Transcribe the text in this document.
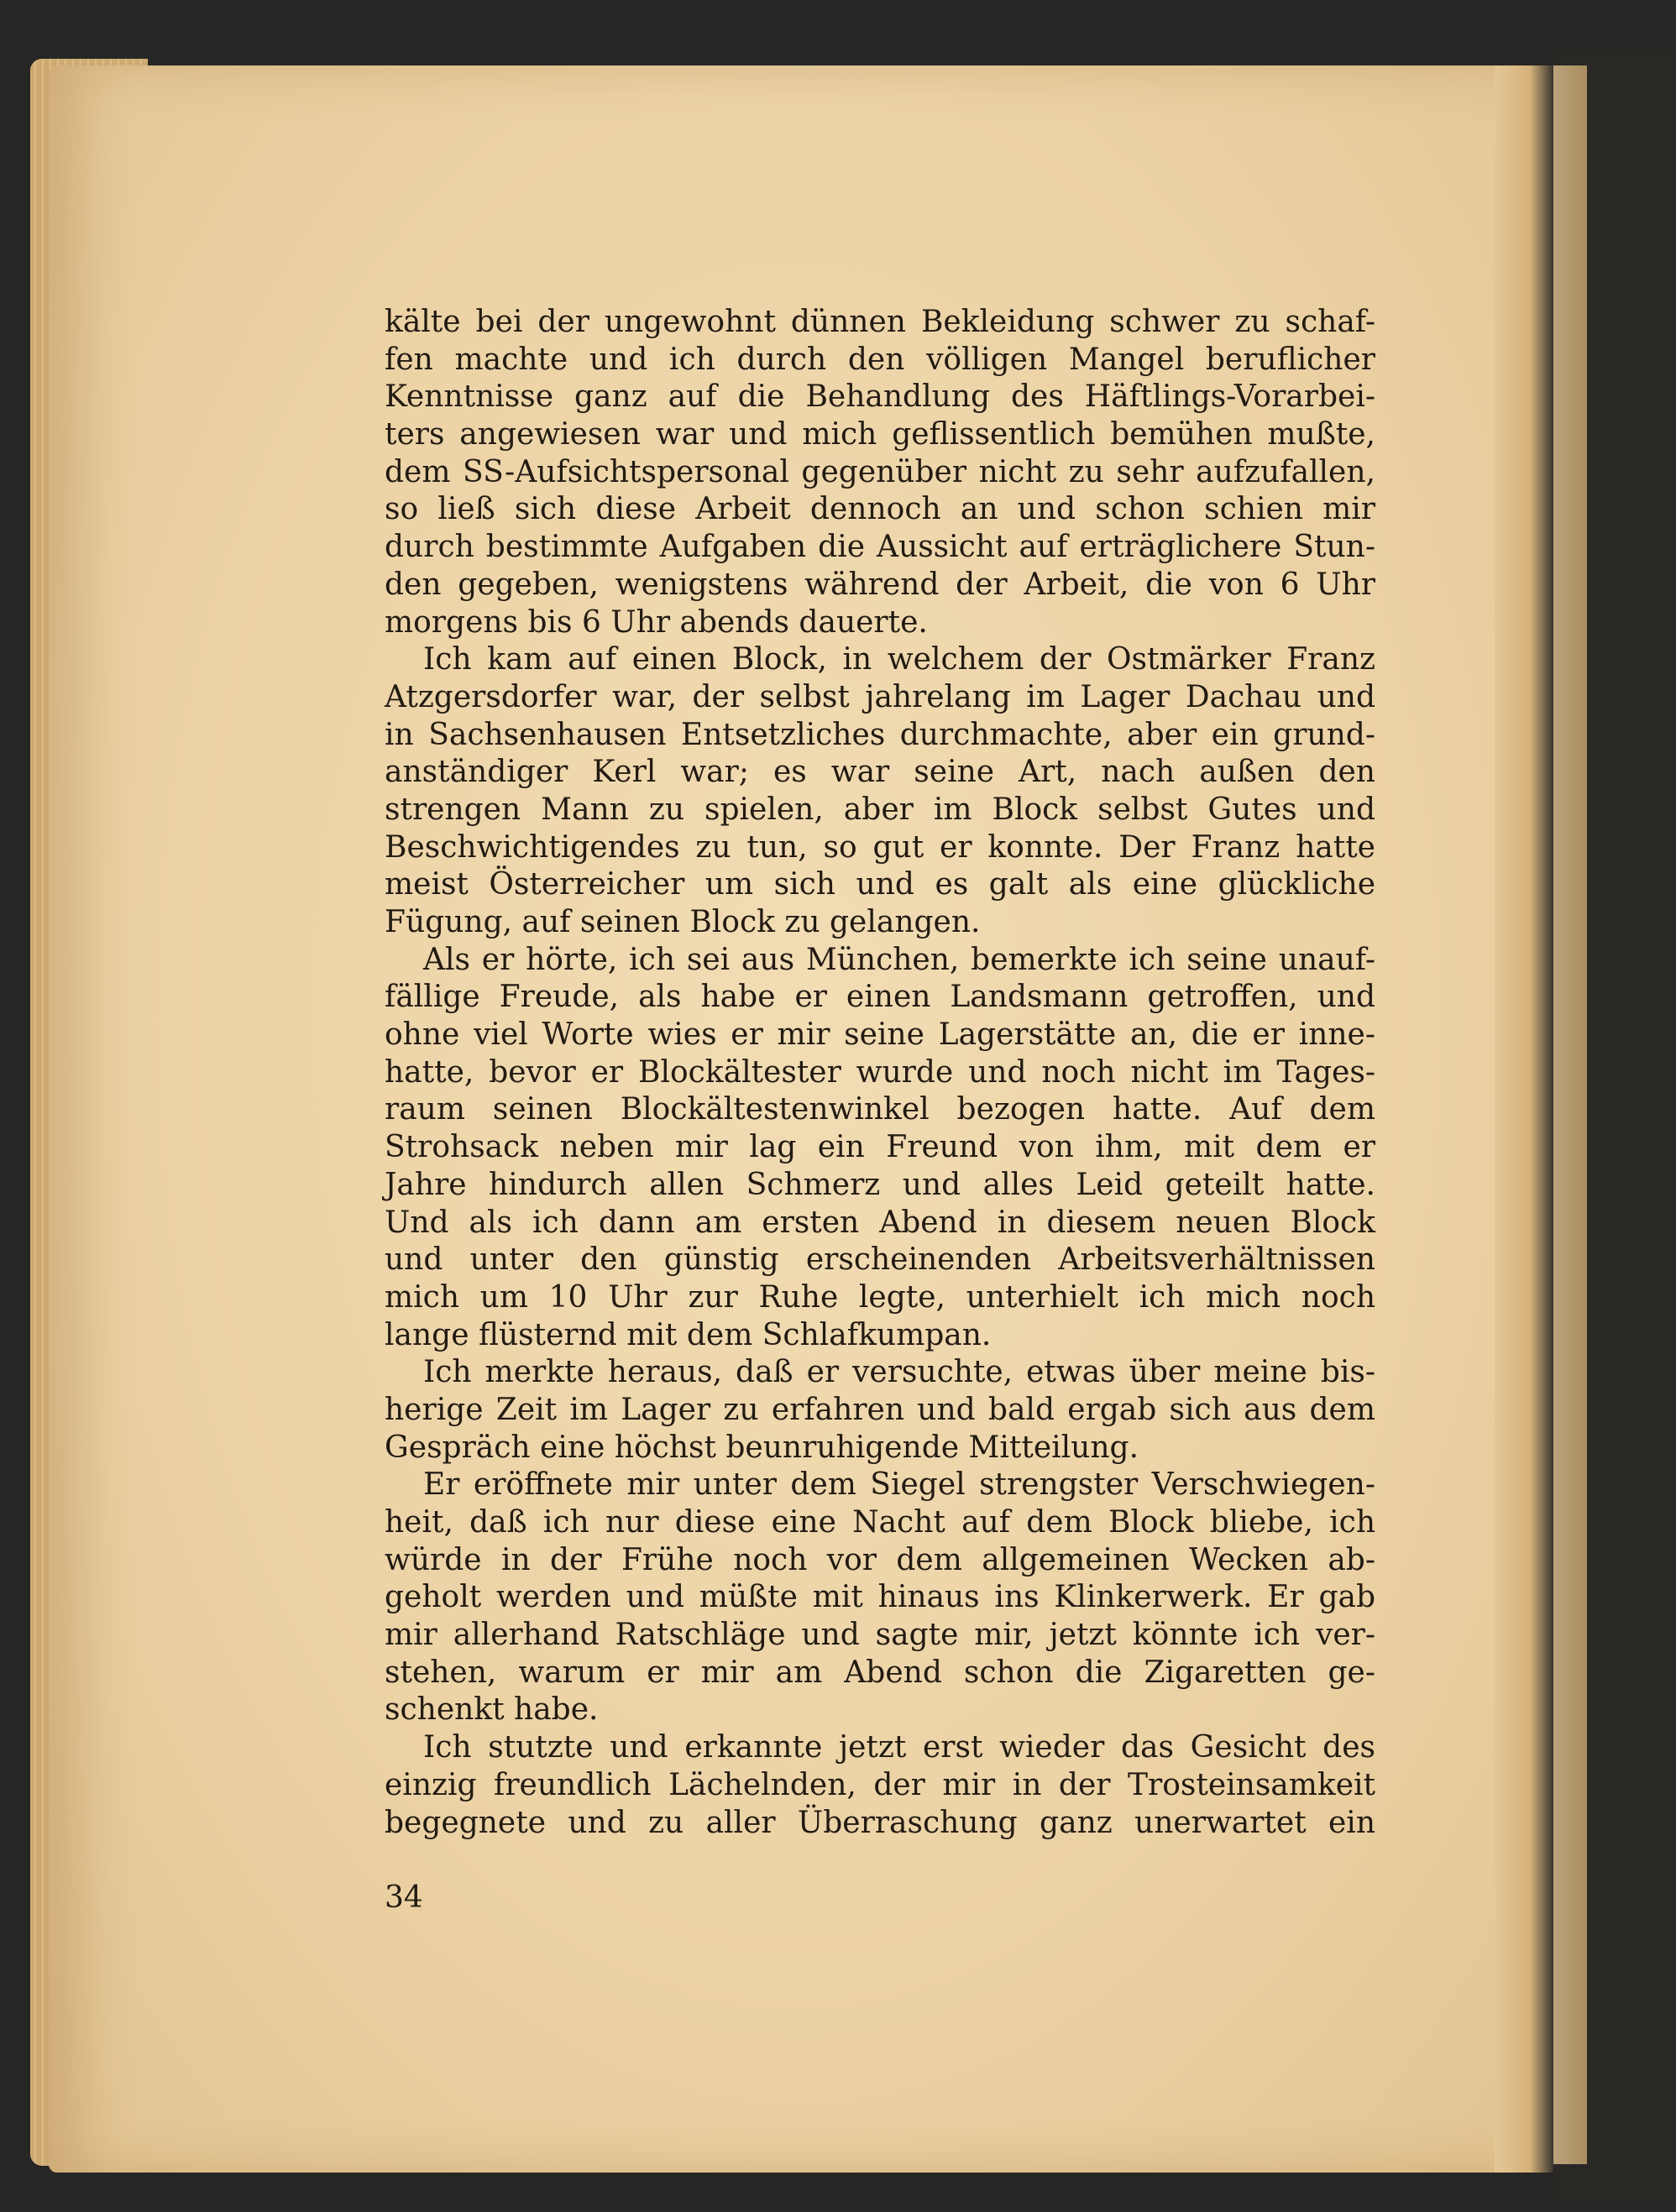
kälte bei der ungewohnt dünnen Bekleidung schwer zu schaf-
fen machte und ich durch den völligen Mangel beruflicher
Kenntnisse ganz auf die Behandlung des Häftlings-Vorarbei-
ters angewiesen war und mich geflissentlich bemühen mußte,
dem SS-Aufsichtspersonal gegenüber nicht zu sehr aufzufallen,
so ließ sich diese Arbeit dennoch an und schon schien mir
durch bestimmte Aufgaben die Aussicht auf erträglichere Stun-
den gegeben, wenigstens während der Arbeit, die von 6 Uhr
morgens bis 6 Uhr abends dauerte.
Ich kam auf einen Block, in welchem der Ostmärker Franz
Atzgersdorfer war, der selbst jahrelang im Lager Dachau und
in Sachsenhausen Entsetzliches durchmachte, aber ein grund-
anständiger Kerl war; es war seine Art, nach außen den
strengen Mann zu spielen, aber im Block selbst Gutes und
Beschwichtigendes zu tun, so gut er konnte. Der Franz hatte
meist Österreicher um sich und es galt als eine glückliche
Fügung, auf seinen Block zu gelangen.
Als er hörte, ich sei aus München, bemerkte ich seine unauf-
fällige Freude, als habe er einen Landsmann getroffen, und
ohne viel Worte wies er mir seine Lagerstätte an, die er inne-
hatte, bevor er Blockältester wurde und noch nicht im Tages-
raum seinen Blockältestenwinkel bezogen hatte. Auf dem
Strohsack neben mir lag ein Freund von ihm, mit dem er
Jahre hindurch allen Schmerz und alles Leid geteilt hatte.
Und als ich dann am ersten Abend in diesem neuen Block
und unter den günstig erscheinenden Arbeitsverhältnissen
mich um 10 Uhr zur Ruhe legte, unterhielt ich mich noch
lange flüsternd mit dem Schlafkumpan.
Ich merkte heraus, daß er versuchte, etwas über meine bis-
herige Zeit im Lager zu erfahren und bald ergab sich aus dem
Gespräch eine höchst beunruhigende Mitteilung.
Er eröffnete mir unter dem Siegel strengster Verschwiegen-
heit, daß ich nur diese eine Nacht auf dem Block bliebe, ich
würde in der Frühe noch vor dem allgemeinen Wecken ab-
geholt werden und müßte mit hinaus ins Klinkerwerk. Er gab
mir allerhand Ratschläge und sagte mir, jetzt könnte ich ver-
stehen, warum er mir am Abend schon die Zigaretten ge-
schenkt habe.
Ich stutzte und erkannte jetzt erst wieder das Gesicht des
einzig freundlich Lächelnden, der mir in der Trosteinsamkeit
begegnete und zu aller Überraschung ganz unerwartet ein
34
